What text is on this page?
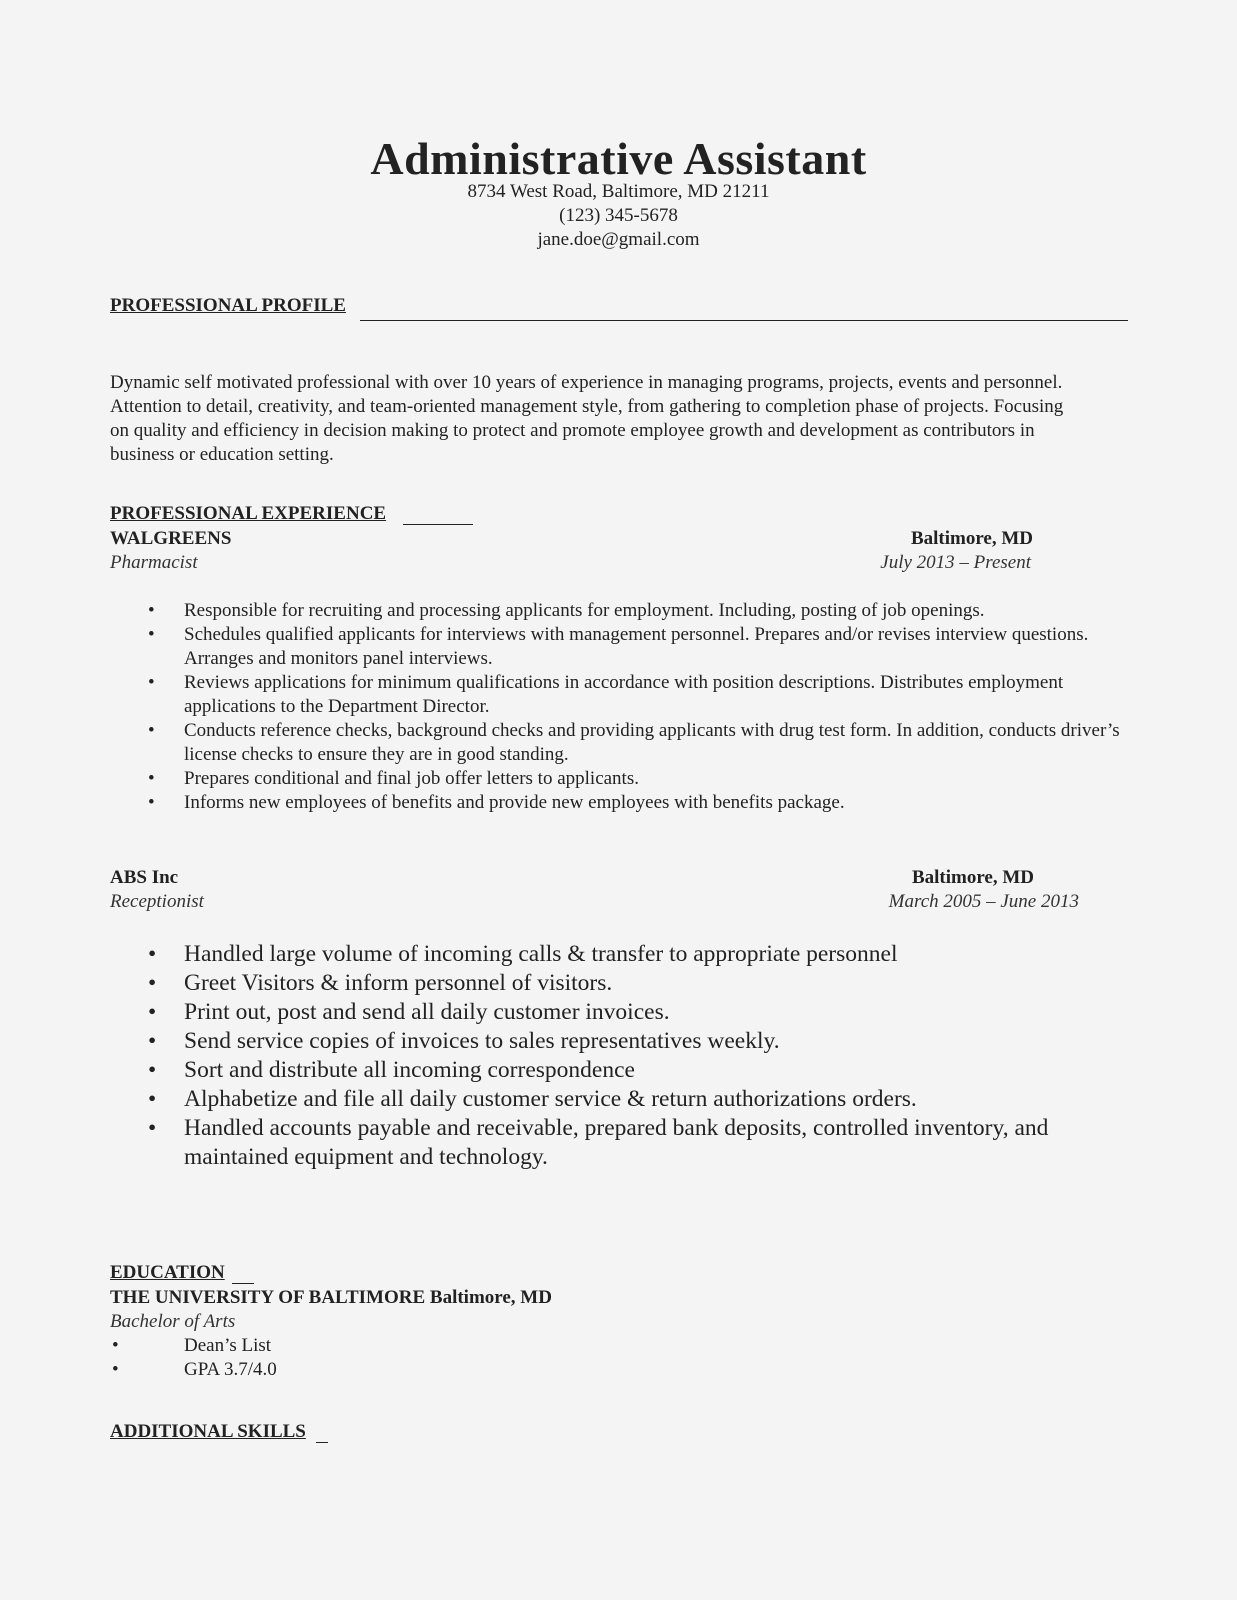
Administrative Assistant
8734 West Road, Baltimore, MD 21211
(123) 345-5678
jane.doe@gmail.com
PROFESSIONAL PROFILE
Dynamic self motivated professional with over 10 years of experience in managing programs, projects, events and personnel.
Attention to detail, creativity, and team-oriented management style, from gathering to completion phase of projects. Focusing
on quality and efficiency in decision making to protect and promote employee growth and development as contributors in
business or education setting.
PROFESSIONAL EXPERIENCE
WALGREENS	Baltimore, MD
Pharmacist	July 2013 – Present
• Responsible for recruiting and processing applicants for employment. Including, posting of job openings.
• Schedules qualified applicants for interviews with management personnel. Prepares and/or revises interview questions. Arranges and monitors panel interviews.
• Reviews applications for minimum qualifications in accordance with position descriptions. Distributes employment applications to the Department Director.
• Conducts reference checks, background checks and providing applicants with drug test form. In addition, conducts driver’s license checks to ensure they are in good standing.
• Prepares conditional and final job offer letters to applicants.
• Informs new employees of benefits and provide new employees with benefits package.
ABS Inc	Baltimore, MD
Receptionist	March 2005 – June 2013
• Handled large volume of incoming calls & transfer to appropriate personnel
• Greet Visitors & inform personnel of visitors.
• Print out, post and send all daily customer invoices.
• Send service copies of invoices to sales representatives weekly.
• Sort and distribute all incoming correspondence
• Alphabetize and file all daily customer service & return authorizations orders.
• Handled accounts payable and receivable, prepared bank deposits, controlled inventory, and maintained equipment and technology.
EDUCATION
THE UNIVERSITY OF BALTIMORE Baltimore, MD
Bachelor of Arts
•	Dean’s List
•	GPA 3.7/4.0
ADDITIONAL SKILLS
